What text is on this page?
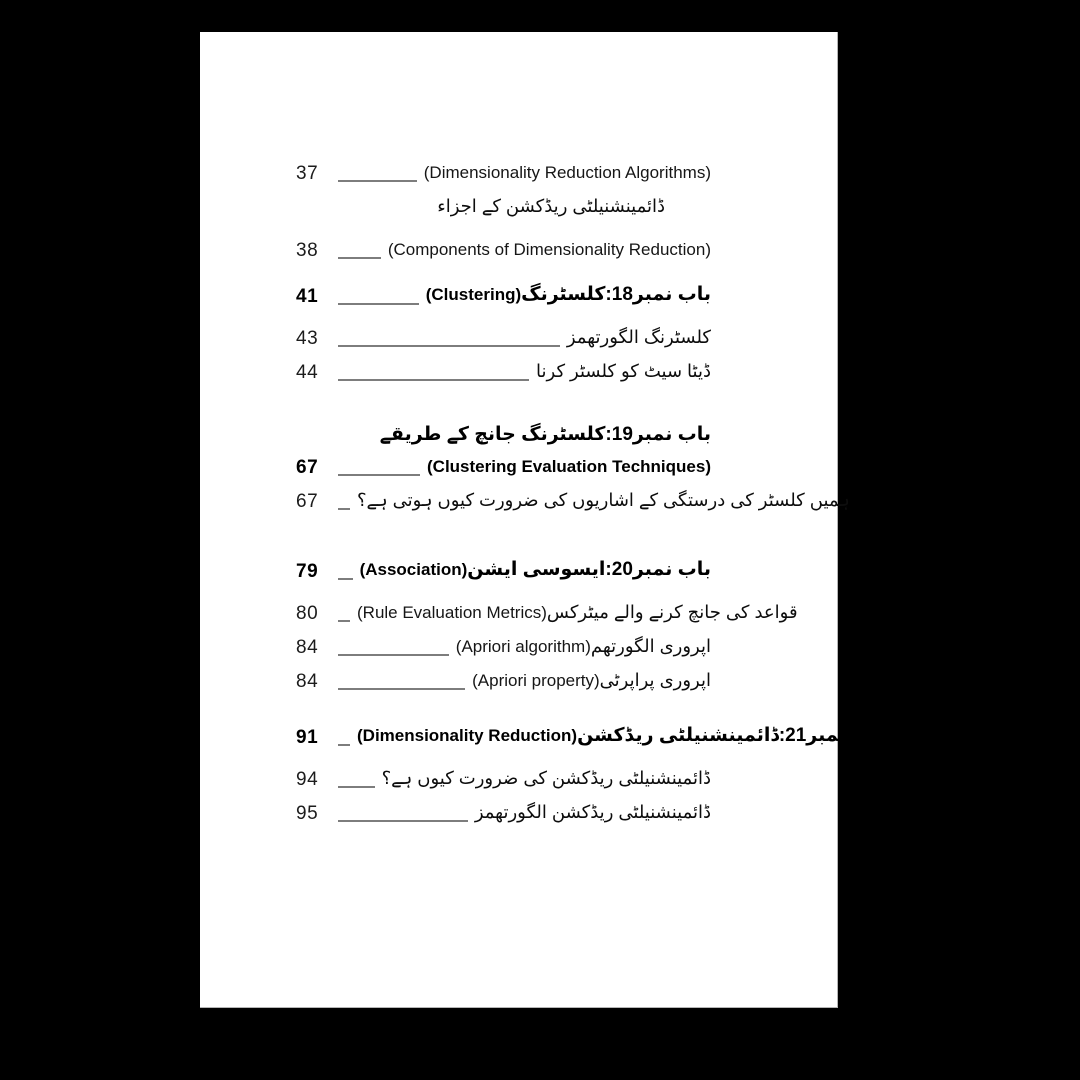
37	(Dimensionality Reduction Algorithms)
ڈائمینشنیلٹی ریڈکشن کے اجزاء
38	(Components of Dimensionality Reduction)
41	باب نمبر18:کلسٹرنگ(Clustering)
43	کلسٹرنگ الگورتھمز
44	ڈیٹا سیٹ کو کلسٹر کرنا
باب نمبر19:کلسٹرنگ جانچ کے طریقے
67	(Clustering Evaluation Techniques)
67	ہمیں کلسٹر کی درستگی کے اشاریوں کی ضرورت کیوں ہوتی ہے؟
79	باب نمبر20:ایسوسی ایشن(Association)
80	قواعد کی جانچ کرنے والے میٹرکس(Rule Evaluation Metrics)
84	اپروری الگورتھم(Apriori algorithm)
84	اپروری پراپرٹی(Apriori property)
91	باب نمبر21:ڈائمینشنیلٹی ریڈکشن(Dimensionality Reduction)
94	ڈائمینشنیلٹی ریڈکشن کی ضرورت کیوں ہے؟
95	ڈائمینشنیلٹی ریڈکشن الگورتھمز
